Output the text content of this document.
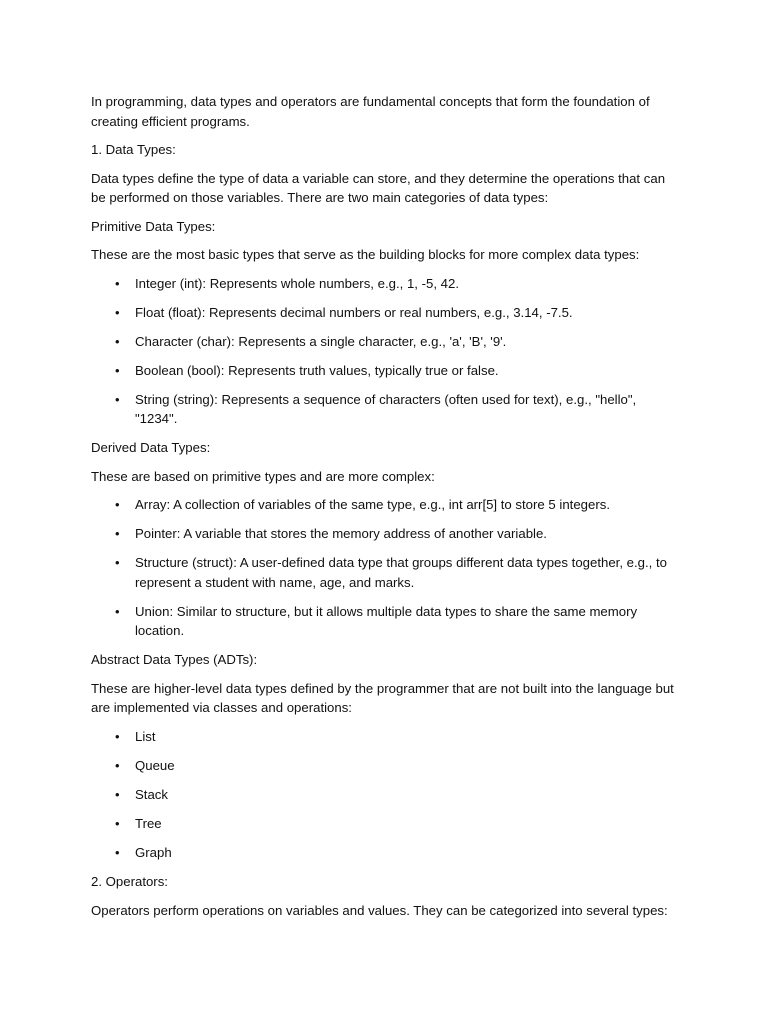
In programming, data types and operators are fundamental concepts that form the foundation of creating efficient programs.

1. Data Types:

Data types define the type of data a variable can store, and they determine the operations that can be performed on those variables. There are two main categories of data types:

Primitive Data Types:

These are the most basic types that serve as the building blocks for more complex data types:

• Integer (int): Represents whole numbers, e.g., 1, -5, 42.
• Float (float): Represents decimal numbers or real numbers, e.g., 3.14, -7.5.
• Character (char): Represents a single character, e.g., 'a', 'B', '9'.
• Boolean (bool): Represents truth values, typically true or false.
• String (string): Represents a sequence of characters (often used for text), e.g., "hello", "1234".

Derived Data Types:

These are based on primitive types and are more complex:

• Array: A collection of variables of the same type, e.g., int arr[5] to store 5 integers.
• Pointer: A variable that stores the memory address of another variable.
• Structure (struct): A user-defined data type that groups different data types together, e.g., to represent a student with name, age, and marks.
• Union: Similar to structure, but it allows multiple data types to share the same memory location.

Abstract Data Types (ADTs):

These are higher-level data types defined by the programmer that are not built into the language but are implemented via classes and operations:

• List
• Queue
• Stack
• Tree
• Graph

2. Operators:

Operators perform operations on variables and values. They can be categorized into several types:
